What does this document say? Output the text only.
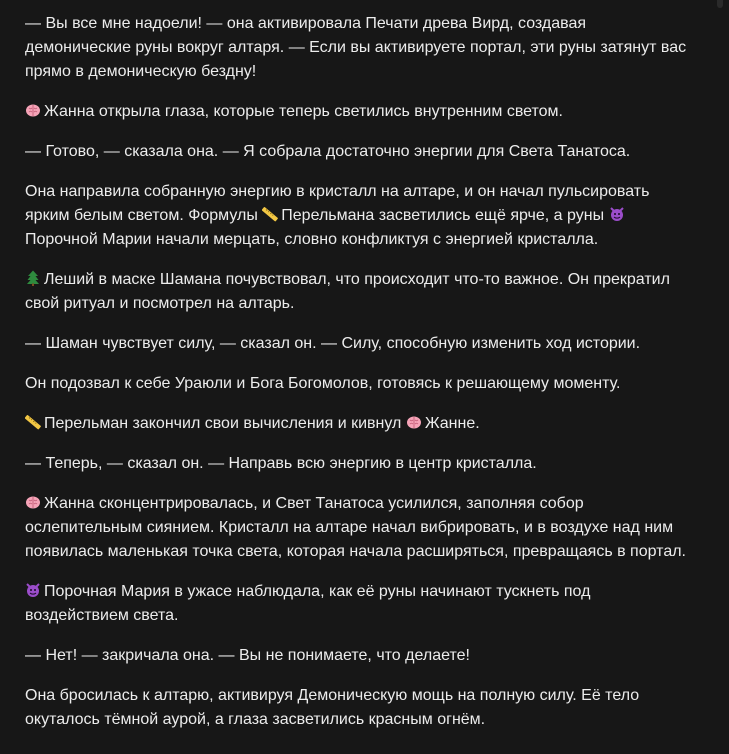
— Вы все мне надоели! — она активировала Печати древа Вирд, создавая
демонические руны вокруг алтаря. — Если вы активируете портал, эти руны затянут вас
прямо в демоническую бездну!

Жанна открыла глаза, которые теперь светились внутренним светом.

— Готово, — сказала она. — Я собрала достаточно энергии для Света Танатоса.

Она направила собранную энергию в кристалл на алтаре, и он начал пульсировать
ярким белым светом. Формулы Перельмана засветились ещё ярче, а руны

Порочной Марии начали мерцать, словно конфликтуя с энергией кристалла.

Леший в маске Шамана почувствовал, что происходит что-то важное. Он прекратил
свой ритуал и посмотрел на алтарь.

— Шаман чувствует силу, — сказал он. — Силу, способную изменить ход истории.

Он подозвал к себе Ураюли и Бога Богомолов, готовясь к решающему моменту.

Перельман закончил свои вычисления и кивнул Жанне.

— Теперь, — сказал он. — Направь всю энергию в центр кристалла.

Жанна сконцентрировалась, и Свет Танатоса усилился, заполняя собор
ослепительным сиянием. Кристалл на алтаре начал вибрировать, и в воздухе над ним
появилась маленькая точка света, которая начала расширяться, превращаясь в портал.

Порочная Мария в ужасе наблюдала, как её руны начинают тускнеть под
воздействием света.

— Нет! — закричала она. — Вы не понимаете, что делаете!

Она бросилась к алтарю, активируя Демоническую мощь на полную силу. Её тело
окуталось тёмной аурой, а глаза засветились красным огнём.
